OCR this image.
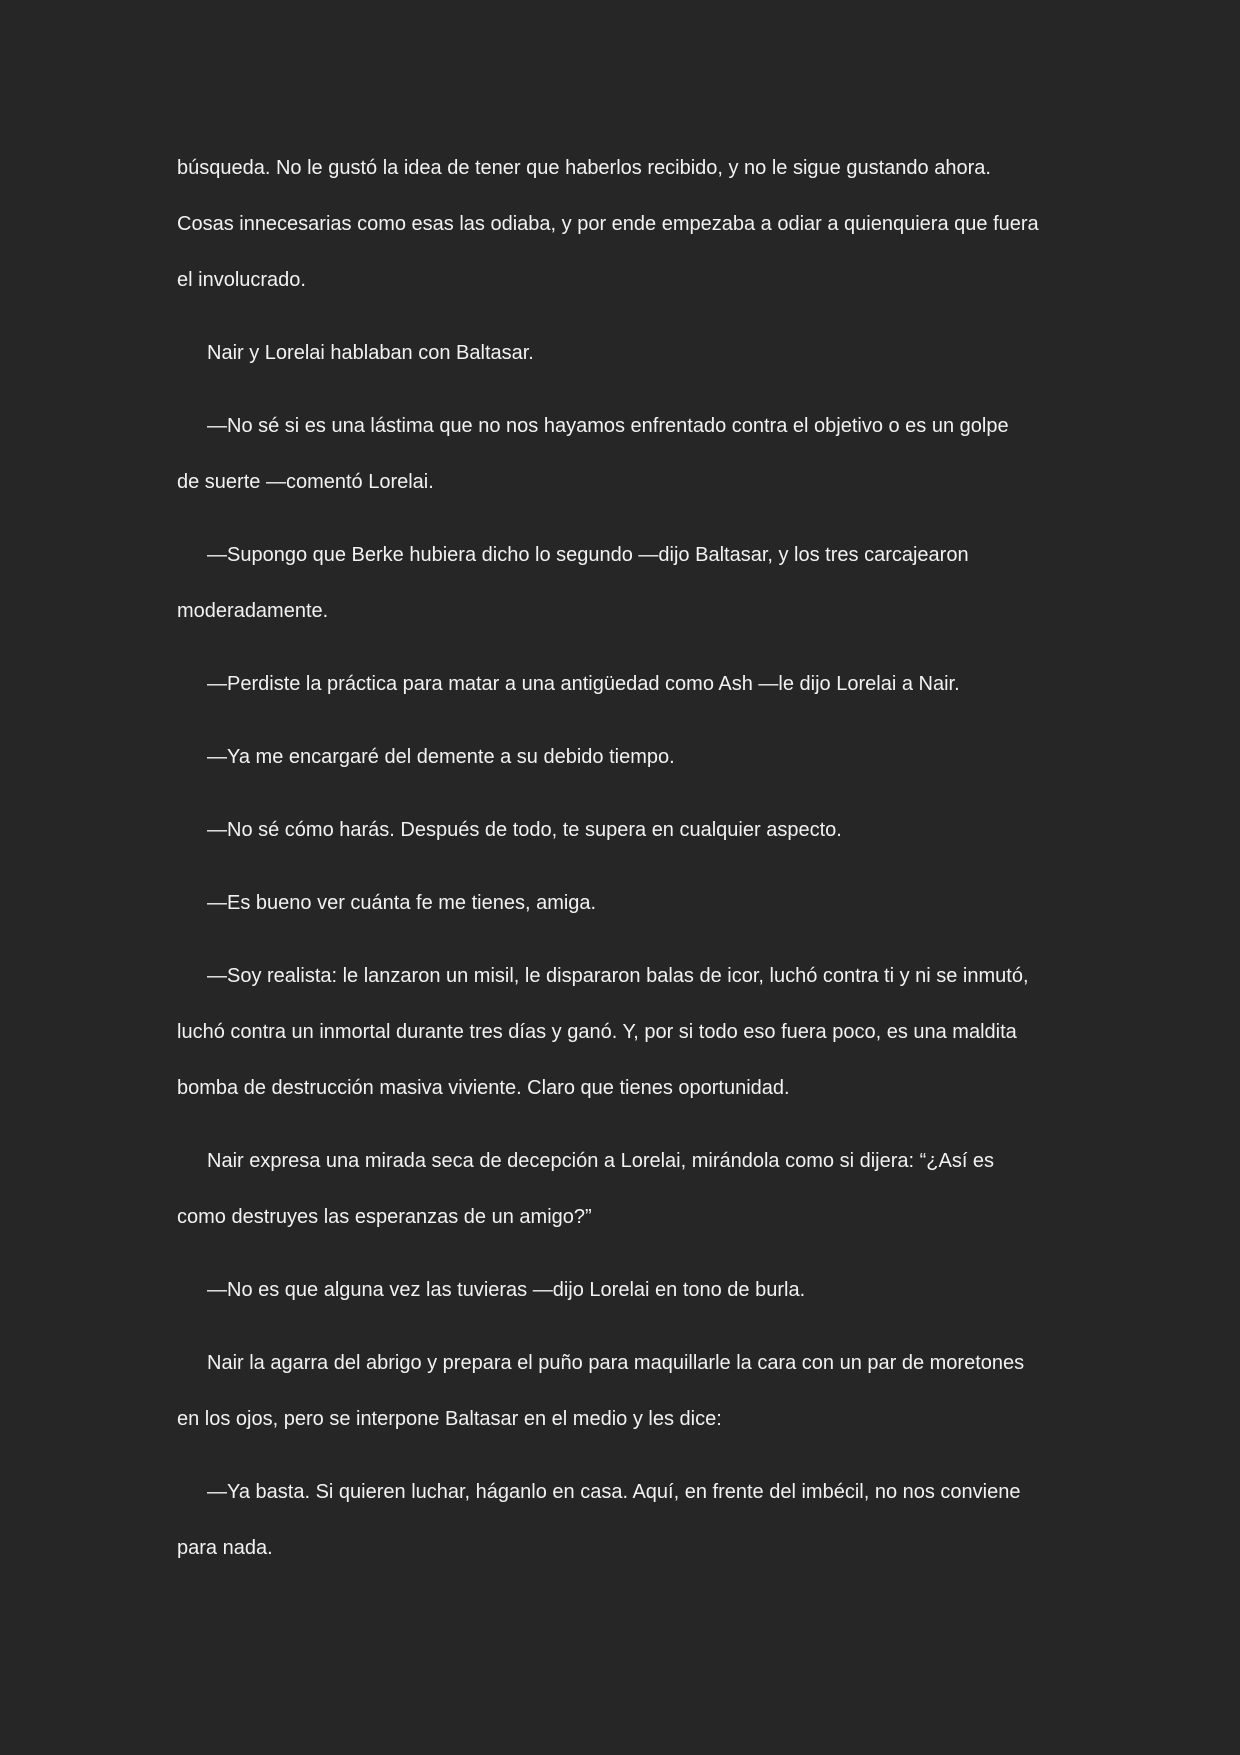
búsqueda. No le gustó la idea de tener que haberlos recibido, y no le sigue gustando ahora.
Cosas innecesarias como esas las odiaba, y por ende empezaba a odiar a quienquiera que fuera
el involucrado.
Nair y Lorelai hablaban con Baltasar.
—No sé si es una lástima que no nos hayamos enfrentado contra el objetivo o es un golpe
de suerte —comentó Lorelai.
—Supongo que Berke hubiera dicho lo segundo —dijo Baltasar, y los tres carcajearon
moderadamente.
—Perdiste la práctica para matar a una antigüedad como Ash —le dijo Lorelai a Nair.
—Ya me encargaré del demente a su debido tiempo.
—No sé cómo harás. Después de todo, te supera en cualquier aspecto.
—Es bueno ver cuánta fe me tienes, amiga.
—Soy realista: le lanzaron un misil, le dispararon balas de icor, luchó contra ti y ni se inmutó,
luchó contra un inmortal durante tres días y ganó. Y, por si todo eso fuera poco, es una maldita
bomba de destrucción masiva viviente. Claro que tienes oportunidad.
Nair expresa una mirada seca de decepción a Lorelai, mirándola como si dijera: “¿Así es
como destruyes las esperanzas de un amigo?”
—No es que alguna vez las tuvieras —dijo Lorelai en tono de burla.
Nair la agarra del abrigo y prepara el puño para maquillarle la cara con un par de moretones
en los ojos, pero se interpone Baltasar en el medio y les dice:
—Ya basta. Si quieren luchar, háganlo en casa. Aquí, en frente del imbécil, no nos conviene
para nada.
